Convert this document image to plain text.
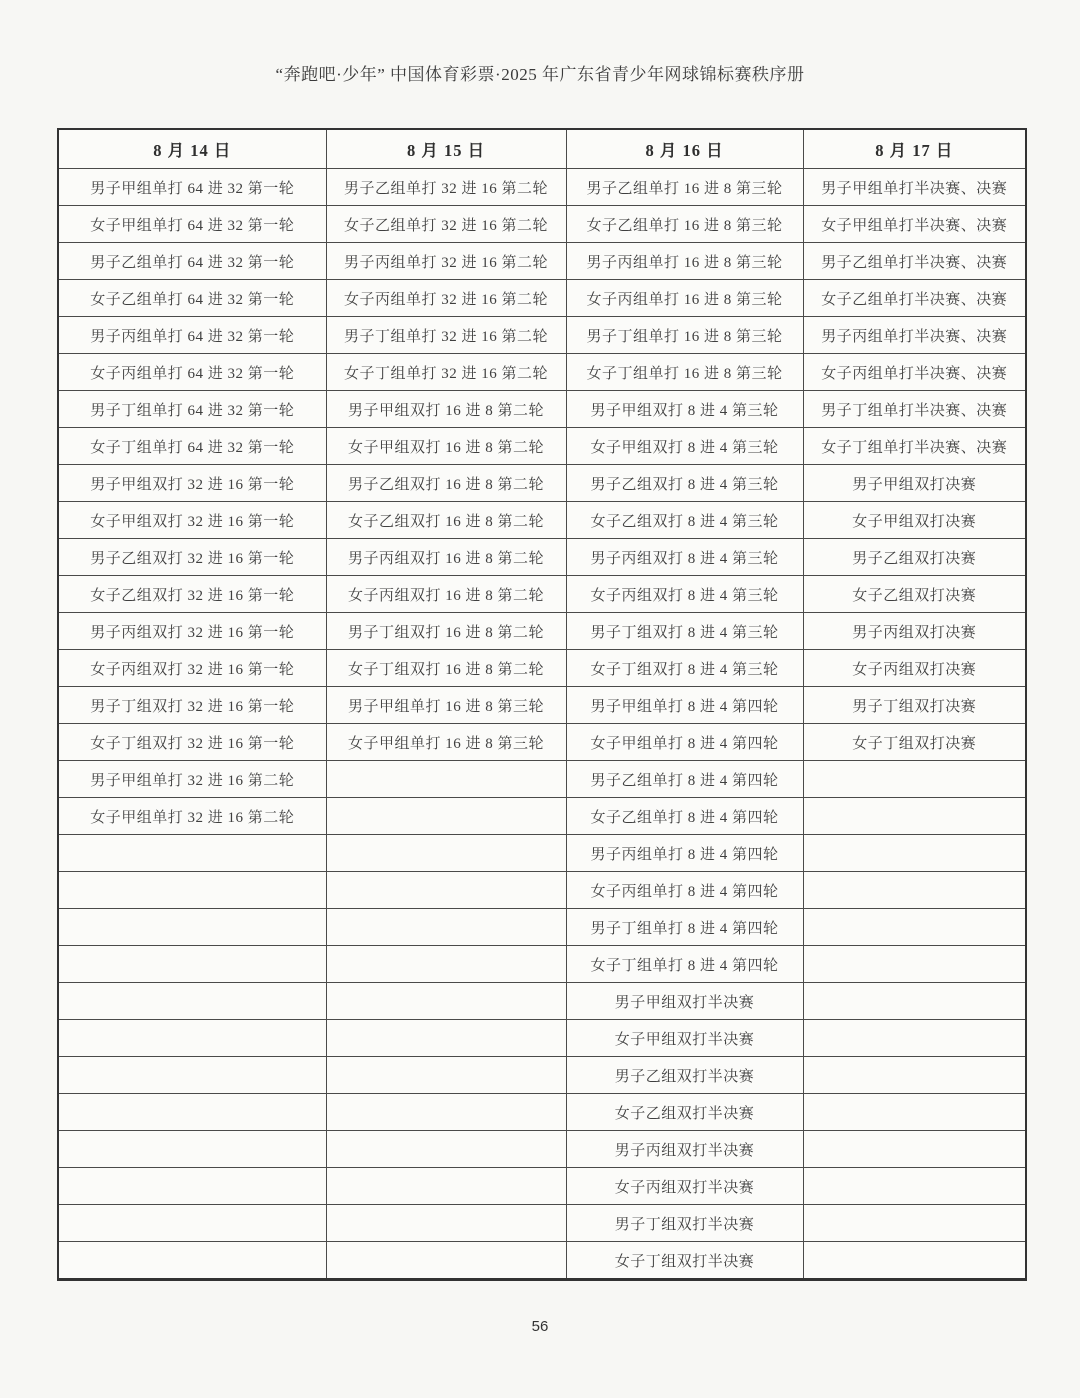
“奔跑吧·少年” 中国体育彩票·2025 年广东省青少年网球锦标赛秩序册
8 月 14 日	8 月 15 日	8 月 16 日	8 月 17 日
男子甲组单打 64 进 32 第一轮	男子乙组单打 32 进 16 第二轮	男子乙组单打 16 进 8 第三轮	男子甲组单打半决赛、决赛
女子甲组单打 64 进 32 第一轮	女子乙组单打 32 进 16 第二轮	女子乙组单打 16 进 8 第三轮	女子甲组单打半决赛、决赛
男子乙组单打 64 进 32 第一轮	男子丙组单打 32 进 16 第二轮	男子丙组单打 16 进 8 第三轮	男子乙组单打半决赛、决赛
女子乙组单打 64 进 32 第一轮	女子丙组单打 32 进 16 第二轮	女子丙组单打 16 进 8 第三轮	女子乙组单打半决赛、决赛
男子丙组单打 64 进 32 第一轮	男子丁组单打 32 进 16 第二轮	男子丁组单打 16 进 8 第三轮	男子丙组单打半决赛、决赛
女子丙组单打 64 进 32 第一轮	女子丁组单打 32 进 16 第二轮	女子丁组单打 16 进 8 第三轮	女子丙组单打半决赛、决赛
男子丁组单打 64 进 32 第一轮	男子甲组双打 16 进 8 第二轮	男子甲组双打 8 进 4 第三轮	男子丁组单打半决赛、决赛
女子丁组单打 64 进 32 第一轮	女子甲组双打 16 进 8 第二轮	女子甲组双打 8 进 4 第三轮	女子丁组单打半决赛、决赛
男子甲组双打 32 进 16 第一轮	男子乙组双打 16 进 8 第二轮	男子乙组双打 8 进 4 第三轮	男子甲组双打决赛
女子甲组双打 32 进 16 第一轮	女子乙组双打 16 进 8 第二轮	女子乙组双打 8 进 4 第三轮	女子甲组双打决赛
男子乙组双打 32 进 16 第一轮	男子丙组双打 16 进 8 第二轮	男子丙组双打 8 进 4 第三轮	男子乙组双打决赛
女子乙组双打 32 进 16 第一轮	女子丙组双打 16 进 8 第二轮	女子丙组双打 8 进 4 第三轮	女子乙组双打决赛
男子丙组双打 32 进 16 第一轮	男子丁组双打 16 进 8 第二轮	男子丁组双打 8 进 4 第三轮	男子丙组双打决赛
女子丙组双打 32 进 16 第一轮	女子丁组双打 16 进 8 第二轮	女子丁组双打 8 进 4 第三轮	女子丙组双打决赛
男子丁组双打 32 进 16 第一轮	男子甲组单打 16 进 8 第三轮	男子甲组单打 8 进 4 第四轮	男子丁组双打决赛
女子丁组双打 32 进 16 第一轮	女子甲组单打 16 进 8 第三轮	女子甲组单打 8 进 4 第四轮	女子丁组双打决赛
男子甲组单打 32 进 16 第二轮		男子乙组单打 8 进 4 第四轮	
女子甲组单打 32 进 16 第二轮		女子乙组单打 8 进 4 第四轮	
		男子丙组单打 8 进 4 第四轮	
		女子丙组单打 8 进 4 第四轮	
		男子丁组单打 8 进 4 第四轮	
		女子丁组单打 8 进 4 第四轮	
		男子甲组双打半决赛	
		女子甲组双打半决赛	
		男子乙组双打半决赛	
		女子乙组双打半决赛	
		男子丙组双打半决赛	
		女子丙组双打半决赛	
		男子丁组双打半决赛	
		女子丁组双打半决赛	
56
